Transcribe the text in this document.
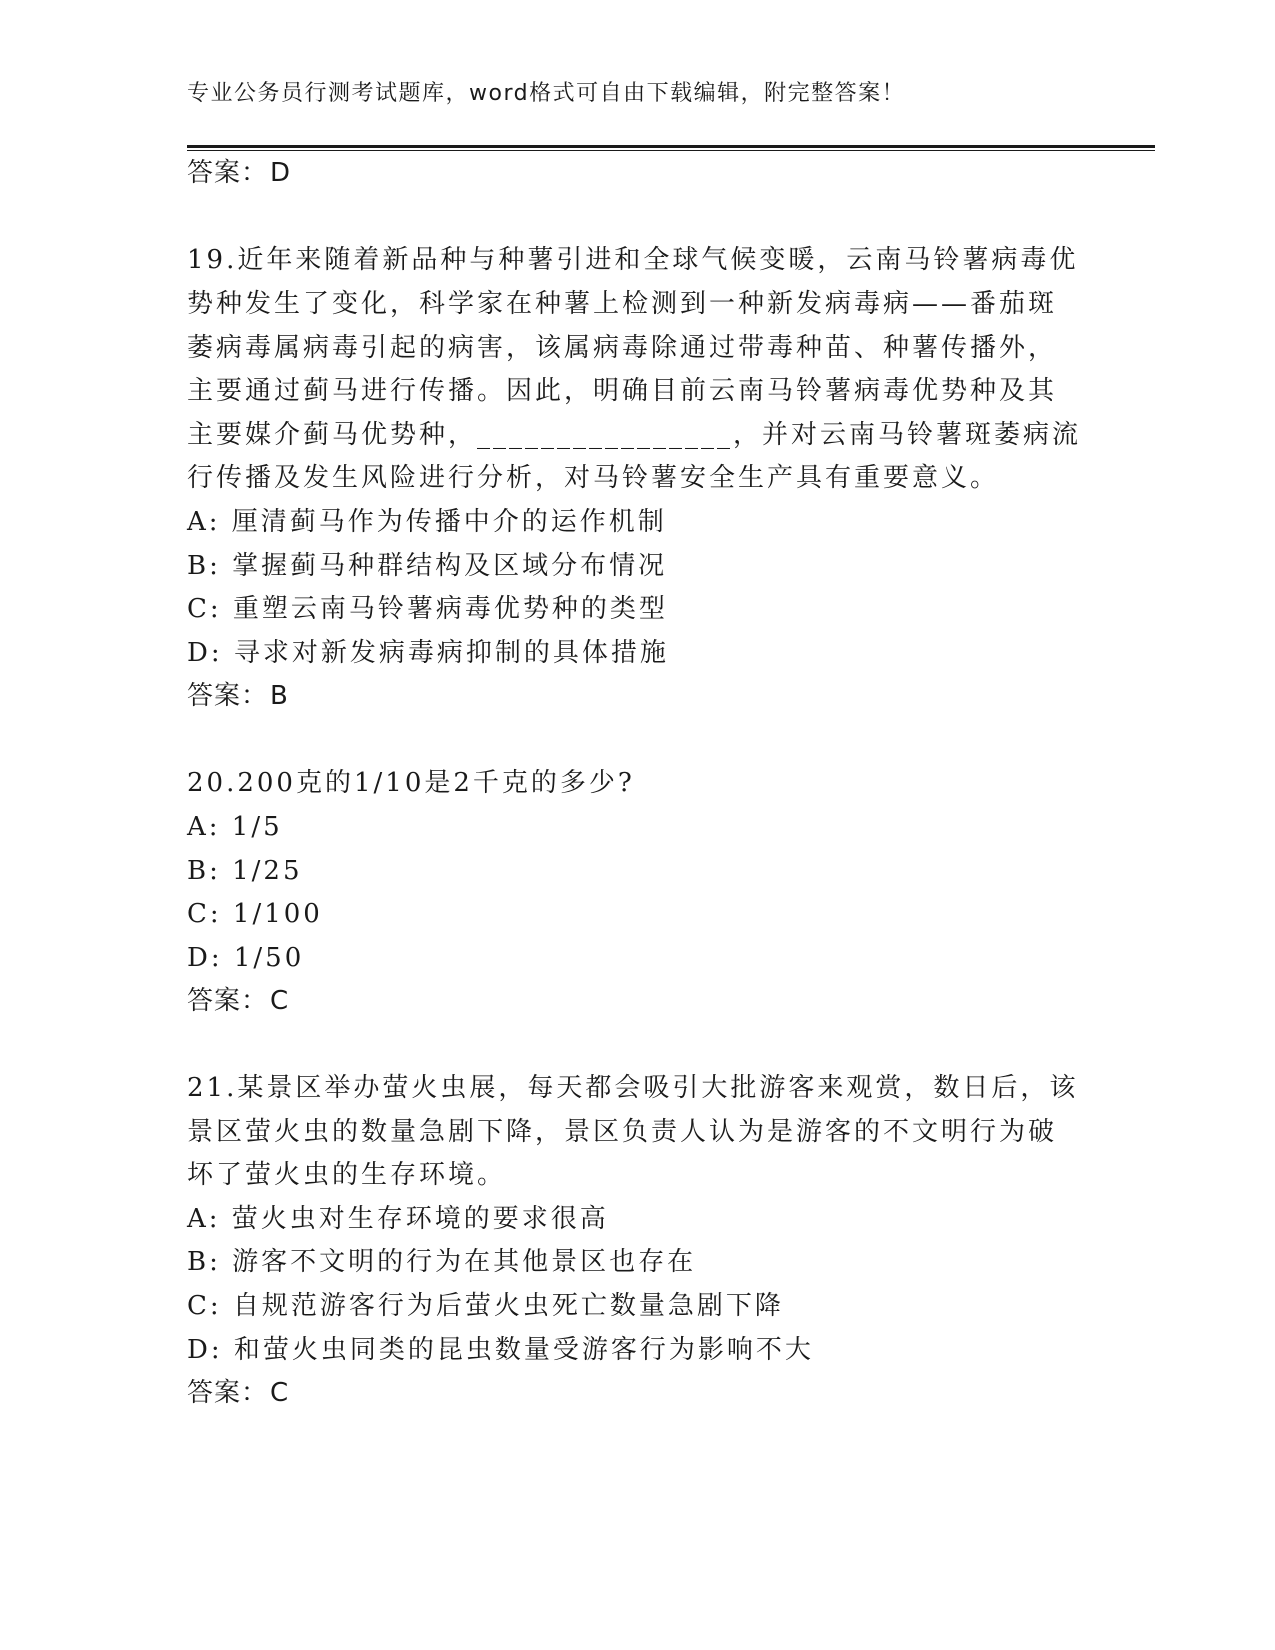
专业公务员行测考试题库，word格式可自由下载编辑，附完整答案！
答案：D
19.近年来随着新品种与种薯引进和全球气候变暖，云南马铃薯病毒优
势种发生了变化，科学家在种薯上检测到一种新发病毒病——番茄斑
萎病毒属病毒引起的病害，该属病毒除通过带毒种苗、种薯传播外，
主要通过蓟马进行传播。因此，明确目前云南马铃薯病毒优势种及其
主要媒介蓟马优势种，________________，并对云南马铃薯斑萎病流
行传播及发生风险进行分析，对马铃薯安全生产具有重要意义。
A: 厘清蓟马作为传播中介的运作机制
B: 掌握蓟马种群结构及区域分布情况
C: 重塑云南马铃薯病毒优势种的类型
D: 寻求对新发病毒病抑制的具体措施
答案：B
20.200克的1/10是2千克的多少?
A: 1/5
B: 1/25
C: 1/100
D: 1/50
答案：C
21.某景区举办萤火虫展，每天都会吸引大批游客来观赏，数日后，该
景区萤火虫的数量急剧下降，景区负责人认为是游客的不文明行为破
坏了萤火虫的生存环境。
A: 萤火虫对生存环境的要求很高
B: 游客不文明的行为在其他景区也存在
C: 自规范游客行为后萤火虫死亡数量急剧下降
D: 和萤火虫同类的昆虫数量受游客行为影响不大
答案：C
